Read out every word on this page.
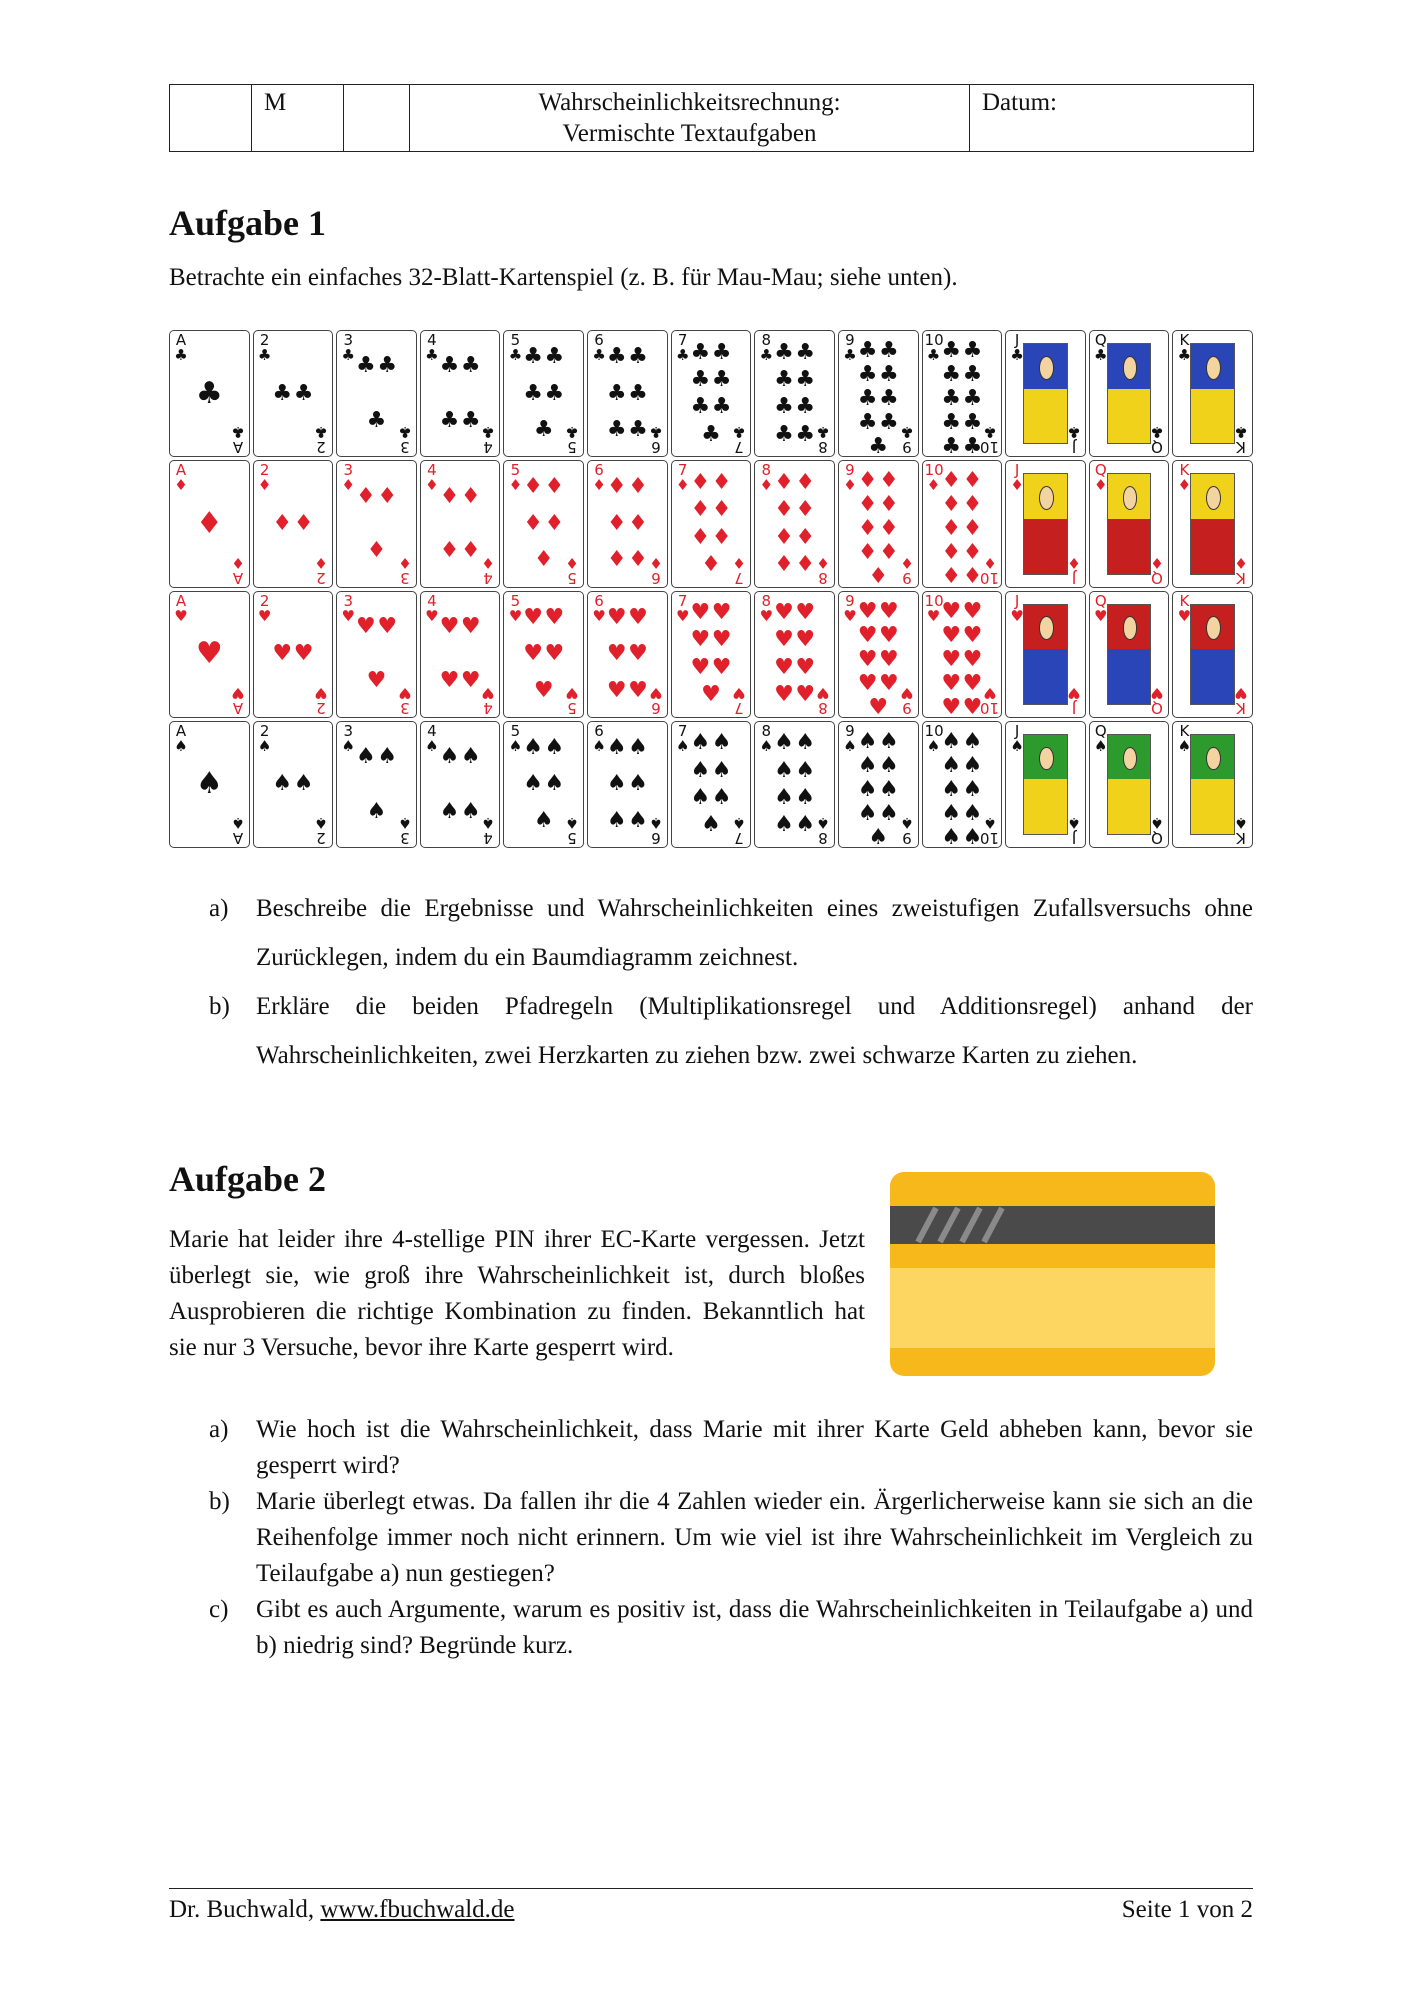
	M		Wahrscheinlichkeitsrechnung:
Vermischte Textaufgaben
	Datum:
Aufgabe 1

Betrachte ein einfaches 32-Blatt-Kartenspiel (z. B. für Mau-Mau; siehe unten).

A
♣
♣
A
♣
2
♣
♣ ♣
2
♣
3
♣ ♣ ♣
♣
3
♣
4
♣ ♣ ♣
♣ ♣
4
♣
5
♣ ♣ ♣
♣ ♣
♣
5
♣
6
♣ ♣ ♣
♣ ♣
♣ ♣
6
♣
7
♣ ♣ ♣
♣ ♣
♣ ♣
♣
7
♣
8
♣ ♣ ♣
♣ ♣
♣ ♣
♣ ♣
8
♣
9
♣ ♣ ♣
♣ ♣
♣ ♣
♣ ♣
♣ 9
♣
10
♣ ♣ ♣
♣ ♣
♣ ♣
♣ ♣
♣ ♣
10
♣
J
♣
J
♣
Q
♣
Q
♣
K
♣
K
♣
A
♦
♦
A
♦
2
♦
♦ ♦
2
♦
3
♦ ♦ ♦
♦
3
♦
4
♦ ♦ ♦
♦ ♦
4
♦
5
♦ ♦ ♦
♦ ♦
♦
5
♦
6
♦ ♦ ♦
♦ ♦
♦ ♦
6
♦
7
♦ ♦ ♦
♦ ♦
♦ ♦
♦
7
♦
8
♦ ♦ ♦
♦ ♦
♦ ♦
♦ ♦
8
♦
9
♦ ♦ ♦
♦ ♦
♦ ♦
♦ ♦
♦ 9
♦
10
♦ ♦ ♦
♦ ♦
♦ ♦
♦ ♦
♦ ♦
10
♦
J
♦
J
♦
Q
♦
Q
♦
K
♦
K
♦
A
♥
♥
A
♥
2
♥
♥ ♥
2
♥
3
♥ ♥ ♥
♥
3
♥
4
♥ ♥ ♥
♥ ♥
4
♥
5
♥ ♥ ♥
♥ ♥
♥
5
♥
6
♥ ♥ ♥
♥ ♥
♥ ♥
6
♥
7
♥ ♥ ♥
♥ ♥
♥ ♥
♥
7
♥
8
♥ ♥ ♥
♥ ♥
♥ ♥
♥ ♥
8
♥
9
♥ ♥ ♥
♥ ♥
♥ ♥
♥ ♥
♥ 9
♥
10
♥ ♥ ♥
♥ ♥
♥ ♥
♥ ♥
♥ ♥
10
♥
J
♥
J
♥
Q
♥
Q
♥
K
♥
K
♥
A
♠
♠
A
♠
2
♠
♠ ♠
2
♠
3
♠ ♠ ♠
♠
3
♠
4
♠ ♠ ♠
♠ ♠
4
♠
5
♠ ♠ ♠
♠ ♠
♠
5
♠
6
♠ ♠ ♠
♠ ♠
♠ ♠
6
♠
7
♠ ♠ ♠
♠ ♠
♠ ♠
♠
7
♠
8
♠ ♠ ♠
♠ ♠
♠ ♠
♠ ♠
8
♠
9
♠ ♠ ♠
♠ ♠
♠ ♠
♠ ♠
♠ 9
♠
10
♠ ♠ ♠
♠ ♠
♠ ♠
♠ ♠
♠ ♠
10
♠
J
♠
J
♠
Q
♠
Q
♠
K
♠
K
♠
a) Beschreibe die Ergebnisse und Wahrscheinlichkeiten eines zweistufigen Zufallsversuchs ohne Zurücklegen, indem du ein Baumdiagramm zeichnest.
b) Erkläre die beiden Pfadregeln (Multiplikationsregel und Additionsregel) anhand der Wahrscheinlichkeiten, zwei Herzkarten zu ziehen bzw. zwei schwarze Karten zu ziehen.
Aufgabe 2

Marie hat leider ihre 4-stellige PIN ihrer EC-Karte vergessen. Jetzt überlegt sie, wie groß ihre Wahrscheinlichkeit ist, durch bloßes Ausprobieren die richtige Kombination zu finden. Bekanntlich hat sie nur 3 Versuche, bevor ihre Karte gesperrt wird.

a) Wie hoch ist die Wahrscheinlichkeit, dass Marie mit ihrer Karte Geld abheben kann, bevor sie gesperrt wird?
b) Marie überlegt etwas. Da fallen ihr die 4 Zahlen wieder ein. Ärgerlicherweise kann sie sich an die Reihenfolge immer noch nicht erinnern. Um wie viel ist ihre Wahrscheinlichkeit im Vergleich zu Teilaufgabe a) nun gestiegen?
c) Gibt es auch Argumente, warum es positiv ist, dass die Wahrscheinlichkeiten in Teilaufgabe a) und b) niedrig sind? Begründe kurz.
Dr. Buchwald, www.fbuchwald.de	Seite 1 von 2
